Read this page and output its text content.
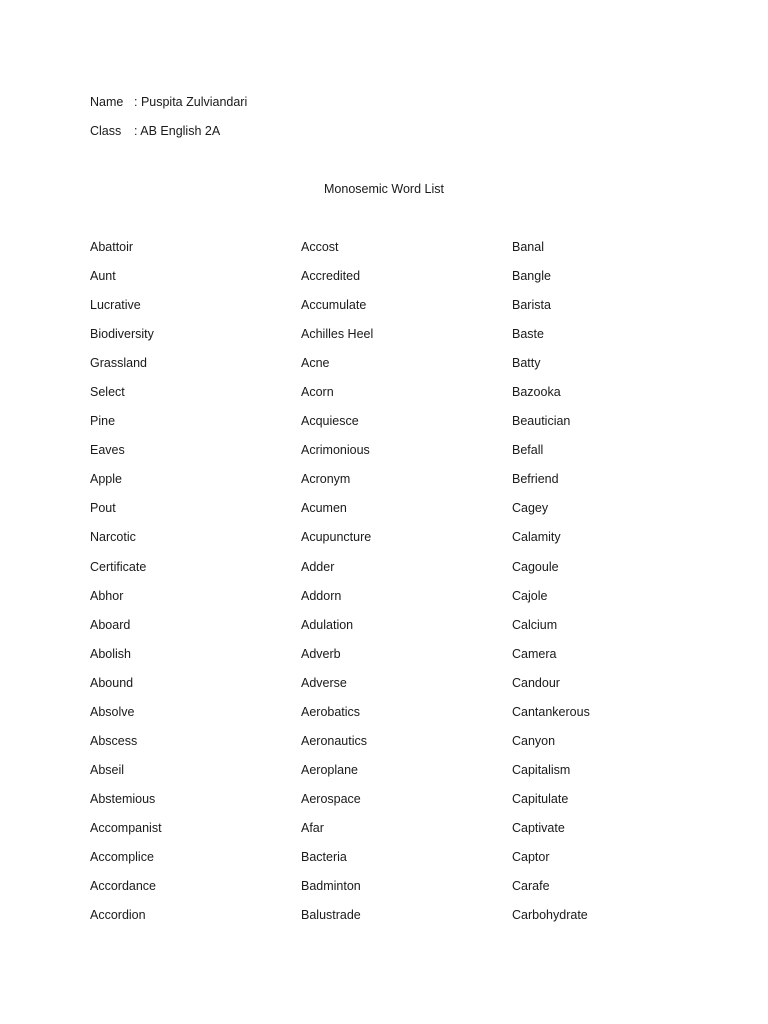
Name : Puspita Zulviandari
Class : AB English 2A
Monosemic Word List
Abattoir
Aunt
Lucrative
Biodiversity
Grassland
Select
Pine
Eaves
Apple
Pout
Narcotic
Certificate
Abhor
Aboard
Abolish
Abound
Absolve
Abscess
Abseil
Abstemious
Accompanist
Accomplice
Accordance
Accordion
Accost
Accredited
Accumulate
Achilles Heel
Acne
Acorn
Acquiesce
Acrimonious
Acronym
Acumen
Acupuncture
Adder
Addorn
Adulation
Adverb
Adverse
Aerobatics
Aeronautics
Aeroplane
Aerospace
Afar
Bacteria
Badminton
Balustrade
Banal
Bangle
Barista
Baste
Batty
Bazooka
Beautician
Befall
Befriend
Cagey
Calamity
Cagoule
Cajole
Calcium
Camera
Candour
Cantankerous
Canyon
Capitalism
Capitulate
Captivate
Captor
Carafe
Carbohydrate
